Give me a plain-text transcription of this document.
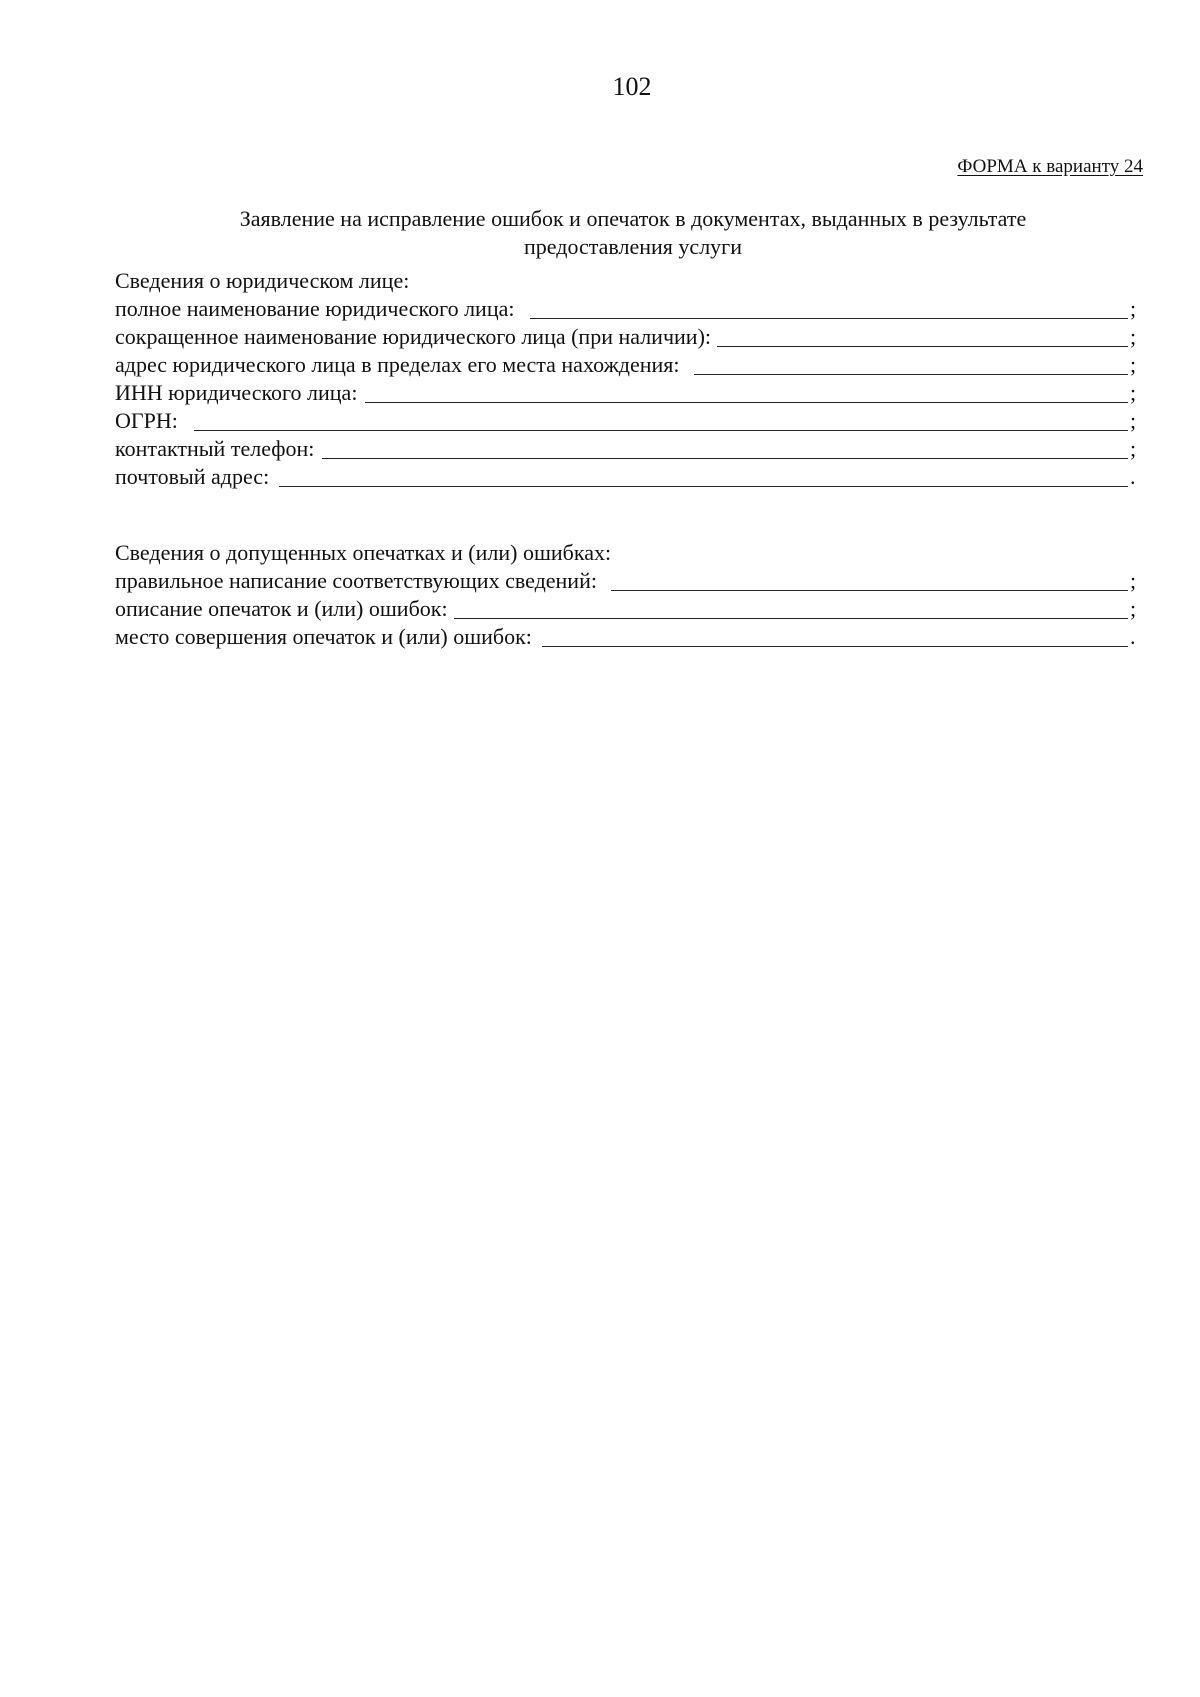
102
ФОРМА к варианту 24
Заявление на исправление ошибок и опечаток в документах, выданных в результате
предоставления услуги
Сведения о юридическом лице:
полное наименование юридического лица:	;
сокращенное наименование юридического лица (при наличии):	;
адрес юридического лица в пределах его места нахождения:	;
ИНН юридического лица:	;
ОГРН:	;
контактный телефон:	;
почтовый адрес:	.
Сведения о допущенных опечатках и (или) ошибках:
правильное написание соответствующих сведений:	;
описание опечаток и (или) ошибок:	;
место совершения опечаток и (или) ошибок:	.
